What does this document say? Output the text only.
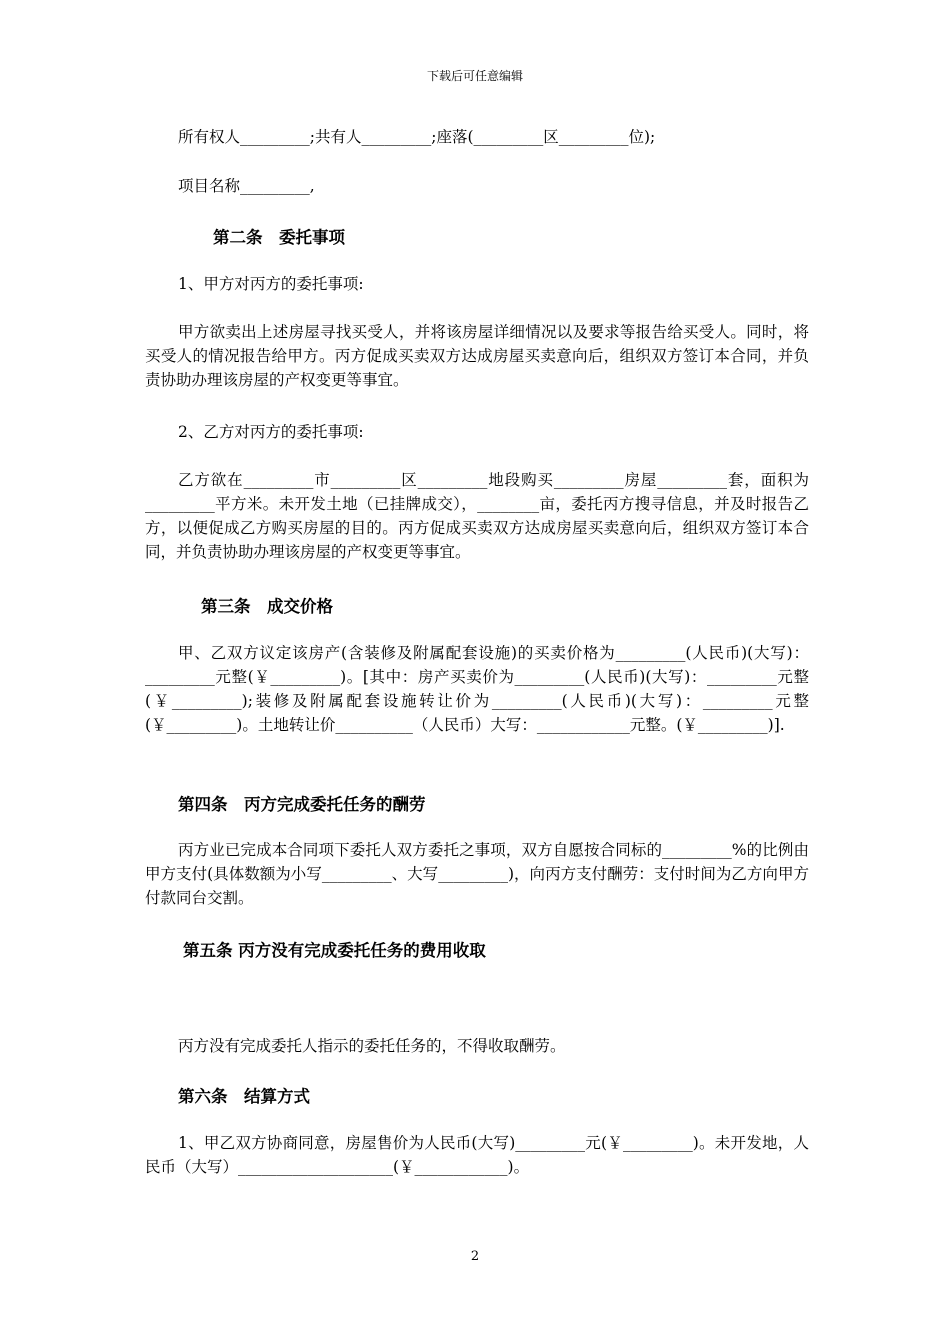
下载后可任意编辑

所有权人_________;共有人_________;座落(_________区_________位);

项目名称_________,

第二条　委托事项

1、甲方对丙方的委托事项:

甲方欲卖出上述房屋寻找买受人，并将该房屋详细情况以及要求等报告给买受人。同时，将买受人的情况报告给甲方。丙方促成买卖双方达成房屋买卖意向后，组织双方签订本合同，并负责协助办理该房屋的产权变更等事宜。

2、乙方对丙方的委托事项:

乙方欲在_________市_________区_________地段购买_________房屋_________套，面积为_________平方米。未开发土地（已挂牌成交），________亩，委托丙方搜寻信息，并及时报告乙方，以便促成乙方购买房屋的目的。丙方促成买卖双方达成房屋买卖意向后，组织双方签订本合同，并负责协助办理该房屋的产权变更等事宜。

第三条　成交价格

甲、乙双方议定该房产(含装修及附属配套设施)的买卖价格为_________(人民币)(大写)：_________元整(￥_________)。[其中：房产买卖价为_________(人民币)(大写)：_________元整(￥_________);装修及附属配套设施转让价为_________(人民币)(大写)：_________元整(￥_________)。土地转让价__________（人民币）大写：____________元整。(￥_________)].

第四条　丙方完成委托任务的酬劳

丙方业已完成本合同项下委托人双方委托之事项，双方自愿按合同标的_________%的比例由甲方支付(具体数额为小写_________、大写_________)，向丙方支付酬劳：支付时间为乙方向甲方付款同台交割。

第五条 丙方没有完成委托任务的费用收取

丙方没有完成委托人指示的委托任务的，不得收取酬劳。

第六条　结算方式

1、甲乙双方协商同意，房屋售价为人民币(大写)_________元(￥_________)。未开发地，人民币（大写）____________________(￥____________)。

2
